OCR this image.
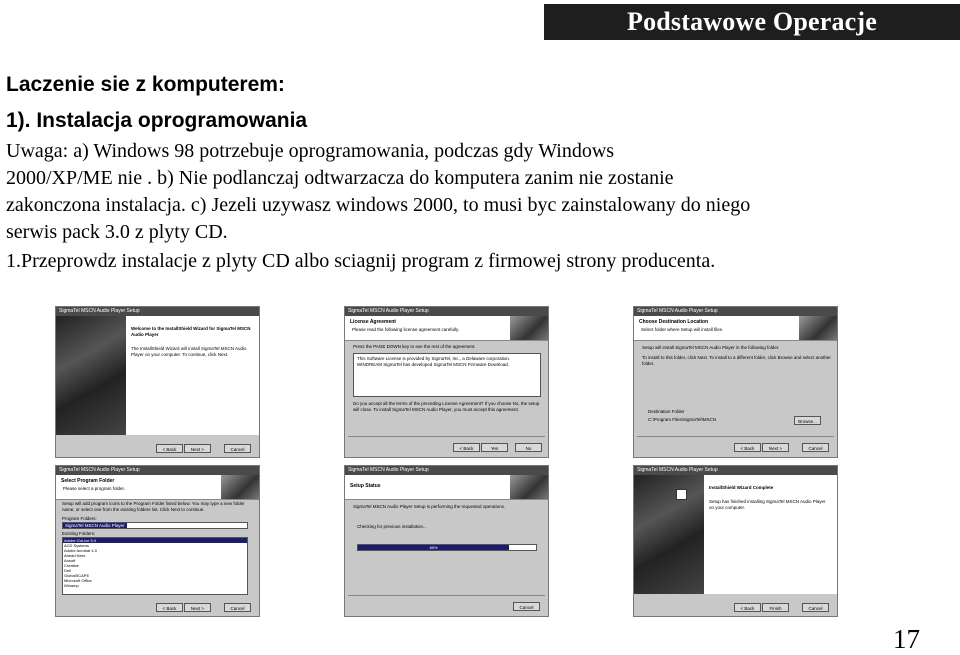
Podstawowe Operacje
Laczenie sie z komputerem:
1). Instalacja oprogramowania
Uwaga: a) Windows 98 potrzebuje oprogramowania, podczas gdy Windows
2000/XP/ME nie . b) Nie podlanczaj odtwarzacza do komputera zanim nie zostanie
zakonczona instalacja. c) Jezeli uzywasz windows 2000, to musi byc zainstalowany do niego
serwis pack 3.0 z plyty CD.
1.Przeprowdz instalacje z plyty CD albo sciagnij program z firmowej strony producenta.
SigmaTel MSCN Audio Player Setup
Welcome to the InstallShield Wizard for SigmaTel MSCN Audio Player
The InstallShield Wizard will install SigmaTel MSCN Audio Player on your computer. To continue, click Next.
< Back	Next >	Cancel
SigmaTel MSCN Audio Player Setup
License Agreement
Please read the following license agreement carefully.
Press the PAGE DOWN key to see the rest of the agreement.
This Software License is provided by SigmaTel, Inc., a Delaware corporation. WINDREAM SigmaTel has developed SigmaTel MSCN Firmware Download.
Do you accept all the terms of the preceding License Agreement? If you choose No, the setup will close. To install SigmaTel MSCN Audio Player, you must accept this agreement.
< Back	Yes	No
SigmaTel MSCN Audio Player Setup
Choose Destination Location
Select folder where Setup will install files.
Setup will install SigmaTel MSCN Audio Player in the following folder.
To install to this folder, click Next. To install to a different folder, click Browse and select another folder.
Destination Folder
C:\Program Files\SigmaTel\MSCN	Browse...
< Back	Next >	Cancel
SigmaTel MSCN Audio Player Setup
Select Program Folder
Please select a program folder.
Setup will add program icons to the Program Folder listed below. You may type a new folder name, or select one from the existing folders list. Click Next to continue.
Program Folders:
SigmaTel MSCN Audio Player
Existing Folders:
Adobe GoLive 5.0
ACD Systems
Adobe Acrobat 4.0
Ahead Nero
Ansoft
Creative
Dell
GlobalSCAPE
Microsoft Office
Winamp
< Back	Next >	Cancel
SigmaTel MSCN Audio Player Setup
Setup Status
SigmaTel MSCN Audio Player Setup is performing the requested operations.
Checking for previous installation...
85%
Cancel
SigmaTel MSCN Audio Player Setup
InstallShield Wizard Complete
Setup has finished installing SigmaTel MSCN Audio Player on your computer.
< Back	Finish	Cancel
17
